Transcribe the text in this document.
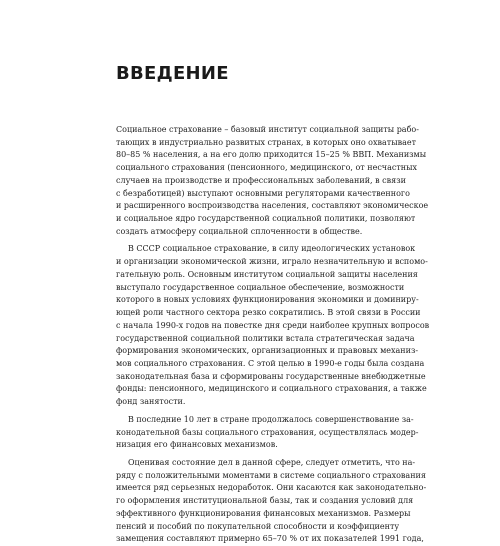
ВВЕДЕНИЕ
Социальное страхование – базовый институт социальной защиты рабо-
тающих в индустриально развитых странах, в которых оно охватывает
80–85 % населения, а на его долю приходится 15–25 % ВВП. Механизмы
социального страхования (пенсионного, медицинского, от несчастных
случаев на производстве и профессиональных заболеваний, в связи
с безработицей) выступают основными регуляторами качественного
и расширенного воспроизводства населения, составляют экономическое
и социальное ядро государственной социальной политики, позволяют
создать атмосферу социальной сплоченности в обществе.
В СССР социальное страхование, в силу идеологических установок
и организации экономической жизни, играло незначительную и вспомо-
гательную роль. Основным институтом социальной защиты населения
выступало государственное социальное обеспечение, возможности
которого в новых условиях функционирования экономики и доминиру-
ющей роли частного сектора резко сократились. В этой связи в России
с начала 1990-х годов на повестке дня среди наиболее крупных вопросов
государственной социальной политики встала стратегическая задача
формирования экономических, организационных и правовых механиз-
мов социального страхования. С этой целью в 1990-е годы была создана
законодательная база и сформированы государственные внебюджетные
фонды: пенсионного, медицинского и социального страхования, а также
фонд занятости.
В последние 10 лет в стране продолжалось совершенствование за-
конодательной базы социального страхования, осуществлялась модер-
низация его финансовых механизмов.
Оценивая состояние дел в данной сфере, следует отметить, что на-
ряду с положительными моментами в системе социального страхования
имеется ряд серьезных недоработок. Они касаются как законодательно-
го оформления институциональной базы, так и создания условий для
эффективного функционирования финансовых механизмов. Размеры
пенсий и пособий по покупательной способности и коэффициенту
замещения составляют примерно 65–70 % от их показателей 1991 года,
